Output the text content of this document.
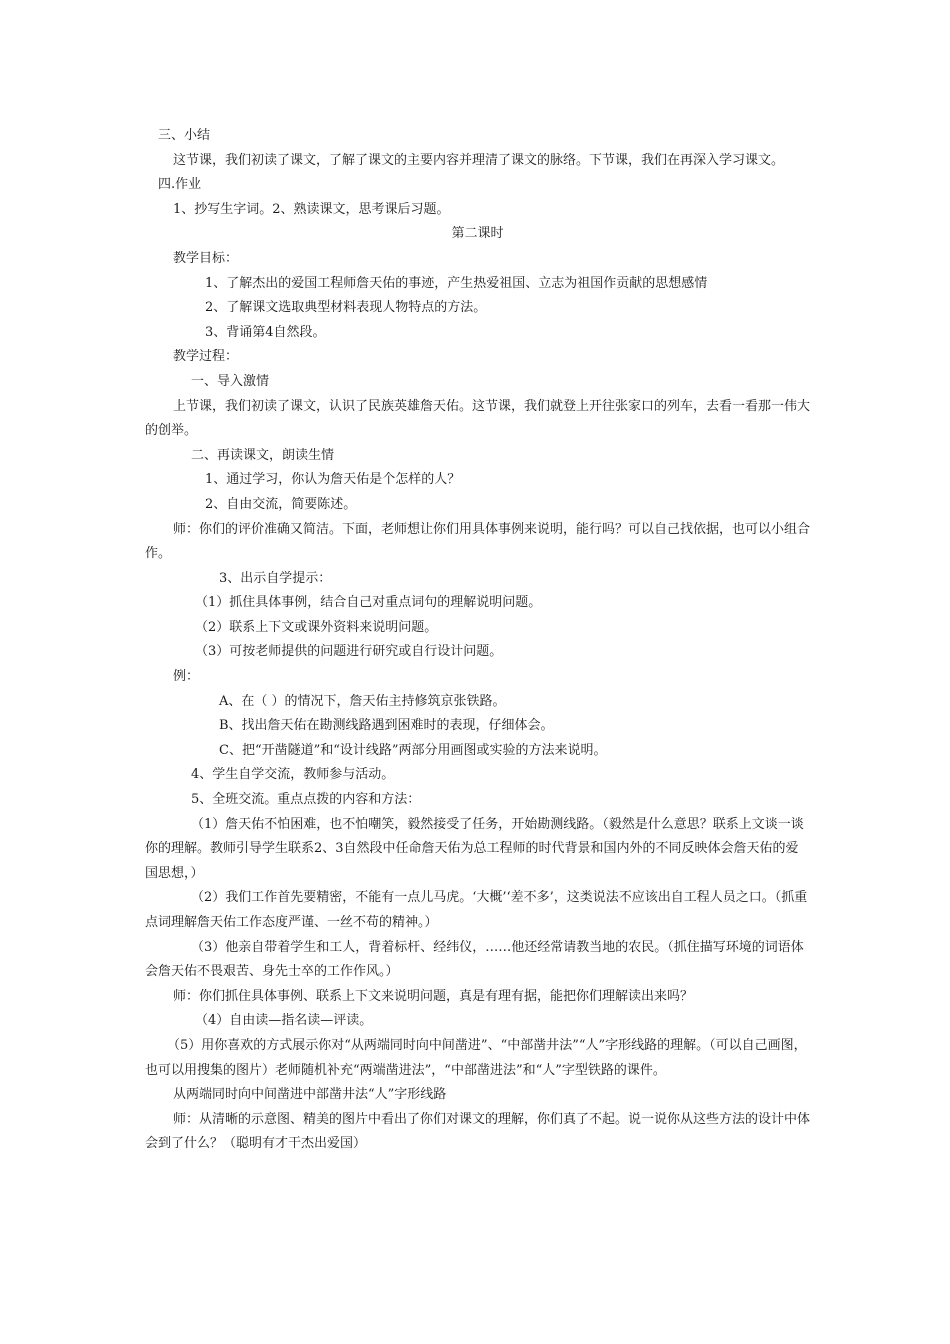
三、小结

这节课，我们初读了课文，了解了课文的主要内容并理清了课文的脉络。下节课，我们在再深入学习课文。

四.作业

1、抄写生字词。2、熟读课文，思考课后习题。

第二课时

教学目标：

1、了解杰出的爱国工程师詹天佑的事迹，产生热爱祖国、立志为祖国作贡献的思想感情

2、了解课文选取典型材料表现人物特点的方法。

3、背诵第4自然段。

教学过程：

一、导入激情

上节课，我们初读了课文，认识了民族英雄詹天佑。这节课，我们就登上开往张家口的列车，去看一看那一伟大的创举。

二、再读课文，朗读生情

1、通过学习，你认为詹天佑是个怎样的人？

2、自由交流，简要陈述。

师：你们的评价准确又简洁。下面，老师想让你们用具体事例来说明，能行吗？可以自己找依据，也可以小组合作。

3、出示自学提示：

（1）抓住具体事例，结合自己对重点词句的理解说明问题。

（2）联系上下文或课外资料来说明问题。

（3）可按老师提供的问题进行研究或自行设计问题。

例：

A、在（ ）的情况下，詹天佑主持修筑京张铁路。

B、找出詹天佑在勘测线路遇到困难时的表现，仔细体会。

C、把“开凿隧道”和“设计线路”两部分用画图或实验的方法来说明。

4、学生自学交流，教师参与活动。

5、全班交流。重点点拨的内容和方法：

（1）詹天佑不怕困难，也不怕嘲笑，毅然接受了任务，开始勘测线路。（毅然是什么意思？联系上文谈一谈你的理解。教师引导学生联系2、3自然段中任命詹天佑为总工程师的时代背景和国内外的不同反映体会詹天佑的爱国思想，）

（2）我们工作首先要精密，不能有一点儿马虎。‘大概’‘差不多’，这类说法不应该出自工程人员之口。（抓重点词理解詹天佑工作态度严谨、一丝不苟的精神。）

（3）他亲自带着学生和工人，背着标杆、经纬仪，……他还经常请教当地的农民。（抓住描写环境的词语体会詹天佑不畏艰苦、身先士卒的工作作风。）

师：你们抓住具体事例、联系上下文来说明问题，真是有理有据，能把你们理解读出来吗？

（4）自由读—指名读—评读。

（5）用你喜欢的方式展示你对“从两端同时向中间凿进”、“中部凿井法”“人”字形线路的理解。（可以自己画图，也可以用搜集的图片）老师随机补充“两端凿进法”，“中部凿进法”和“人”字型铁路的课件。

从两端同时向中间凿进中部凿井法“人”字形线路

师：从清晰的示意图、精美的图片中看出了你们对课文的理解，你们真了不起。说一说你从这些方法的设计中体会到了什么？（聪明有才干杰出爱国）
